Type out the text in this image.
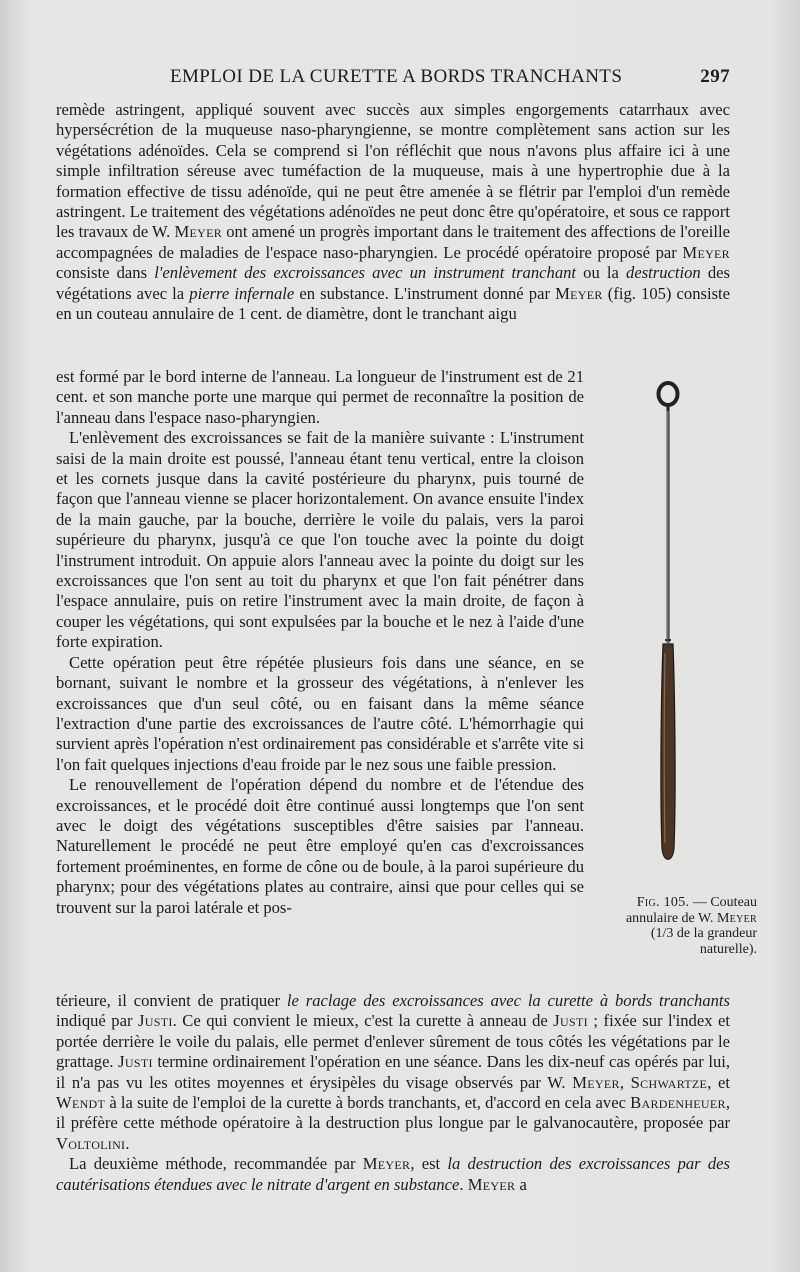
EMPLOI DE LA CURETTE A BORDS TRANCHANTS	297

remède astringent, appliqué souvent avec succès aux simples engorgements catarrhaux avec hypersécrétion de la muqueuse naso-pharyngienne, se montre complètement sans action sur les végétations adénoïdes. Cela se comprend si l'on réfléchit que nous n'avons plus affaire ici à une simple infiltration séreuse avec tuméfaction de la muqueuse, mais à une hypertrophie due à la formation effective de tissu adénoïde, qui ne peut être amenée à se flétrir par l'emploi d'un remède astringent. Le traitement des végétations adénoïdes ne peut donc être qu'opératoire, et sous ce rapport les travaux de W. Meyer ont amené un progrès important dans le traitement des affections de l'oreille accompagnées de maladies de l'espace naso-pharyngien. Le procédé opératoire proposé par Meyer consiste dans l'enlèvement des excroissances avec un instrument tranchant ou la destruction des végétations avec la pierre infernale en substance. L'instrument donné par Meyer (fig. 105) consiste en un couteau annulaire de 1 cent. de diamètre, dont le tranchant aigu

est formé par le bord interne de l'anneau. La longueur de l'instrument est de 21 cent. et son manche porte une marque qui permet de reconnaître la position de l'anneau dans l'espace naso-pharyngien.

L'enlèvement des excroissances se fait de la manière suivante : L'instrument saisi de la main droite est poussé, l'anneau étant tenu vertical, entre la cloison et les cornets jusque dans la cavité postérieure du pharynx, puis tourné de façon que l'anneau vienne se placer horizontalement. On avance ensuite l'index de la main gauche, par la bouche, derrière le voile du palais, vers la paroi supérieure du pharynx, jusqu'à ce que l'on touche avec la pointe du doigt l'instrument introduit. On appuie alors l'anneau avec la pointe du doigt sur les excroissances que l'on sent au toit du pharynx et que l'on fait pénétrer dans l'espace annulaire, puis on retire l'instrument avec la main droite, de façon à couper les végétations, qui sont expulsées par la bouche et le nez à l'aide d'une forte expiration.

Cette opération peut être répétée plusieurs fois dans une séance, en se bornant, suivant le nombre et la grosseur des végétations, à n'enlever les excroissances que d'un seul côté, ou en faisant dans la même séance l'extraction d'une partie des excroissances de l'autre côté. L'hémorrhagie qui survient après l'opération n'est ordinairement pas considérable et s'arrête vite si l'on fait quelques injections d'eau froide par le nez sous une faible pression.

Le renouvellement de l'opération dépend du nombre et de l'étendue des excroissances, et le procédé doit être continué aussi longtemps que l'on sent avec le doigt des végétations susceptibles d'être saisies par l'anneau. Naturellement le procédé ne peut être employé qu'en cas d'excroissances fortement proéminentes, en forme de cône ou de boule, à la paroi supérieure du pharynx; pour des végétations plates au contraire, ainsi que pour celles qui se trouvent sur la paroi latérale et pos-	Fig. 105. — Couteau annulaire de W. Meyer (1/3 de la grandeur naturelle).

térieure, il convient de pratiquer le raclage des excroissances avec la curette à bords tranchants indiqué par Justi. Ce qui convient le mieux, c'est la curette à anneau de Justi ; fixée sur l'index et portée derrière le voile du palais, elle permet d'enlever sûrement de tous côtés les végétations par le grattage. Justi termine ordinairement l'opération en une séance. Dans les dix-neuf cas opérés par lui, il n'a pas vu les otites moyennes et érysipèles du visage observés par W. Meyer, Schwartze, et Wendt à la suite de l'emploi de la curette à bords tranchants, et, d'accord en cela avec Bardenheuer, il préfère cette méthode opératoire à la destruction plus longue par le galvanocautère, proposée par Voltolini.

La deuxième méthode, recommandée par Meyer, est la destruction des excroissances par des cautérisations étendues avec le nitrate d'argent en substance. Meyer a
